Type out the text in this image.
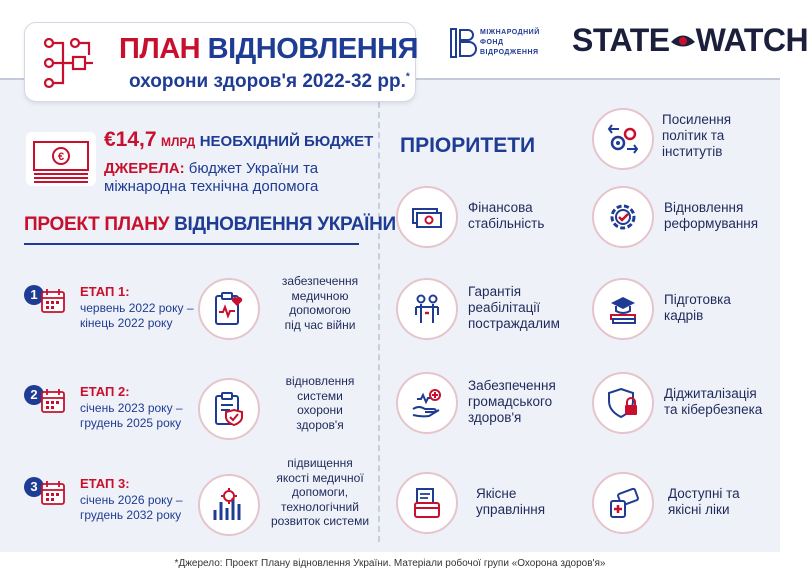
ПЛАН ВІДНОВЛЕННЯ
охорони здоров'я 2022-32 рр.*
МІЖНАРОДНИЙ
ФОНД
ВІДРОДЖЕННЯ STATE WATCH
€
€14,7 МЛРД НЕОБХІДНИЙ БЮДЖЕТ
ДЖЕРЕЛА: бюджет України та
міжнародна технічна допомога
ПРОЕКТ ПЛАНУ ВІДНОВЛЕННЯ УКРАЇНИ
1	ЕТАП 1:
червень 2022 року –
кінець 2022 року
забезпечення
медичною
допомогою
під час війни
2	ЕТАП 2:
січень 2023 року –
грудень 2025 року
відновлення
системи
охорони
здоров'я
3	ЕТАП 3:
січень 2026 року –
грудень 2032 року
підвищення
якості медичної
допомоги,
технологічний
розвиток системи
ПРІОРИТЕТИ
Посилення
політик та
інститутів
Фінансова
стабільність
Відновлення
реформування
Гарантія
реабілітації
постраждалим
Підготовка
кадрів
Забезпечення
громадського
здоров'я
Діджиталізація
та кібербезпека
Якісне
управління
Доступні та
якісні ліки
*Джерело: Проект Плану відновлення України. Матеріали робочої групи «Охорона здоров'я»
